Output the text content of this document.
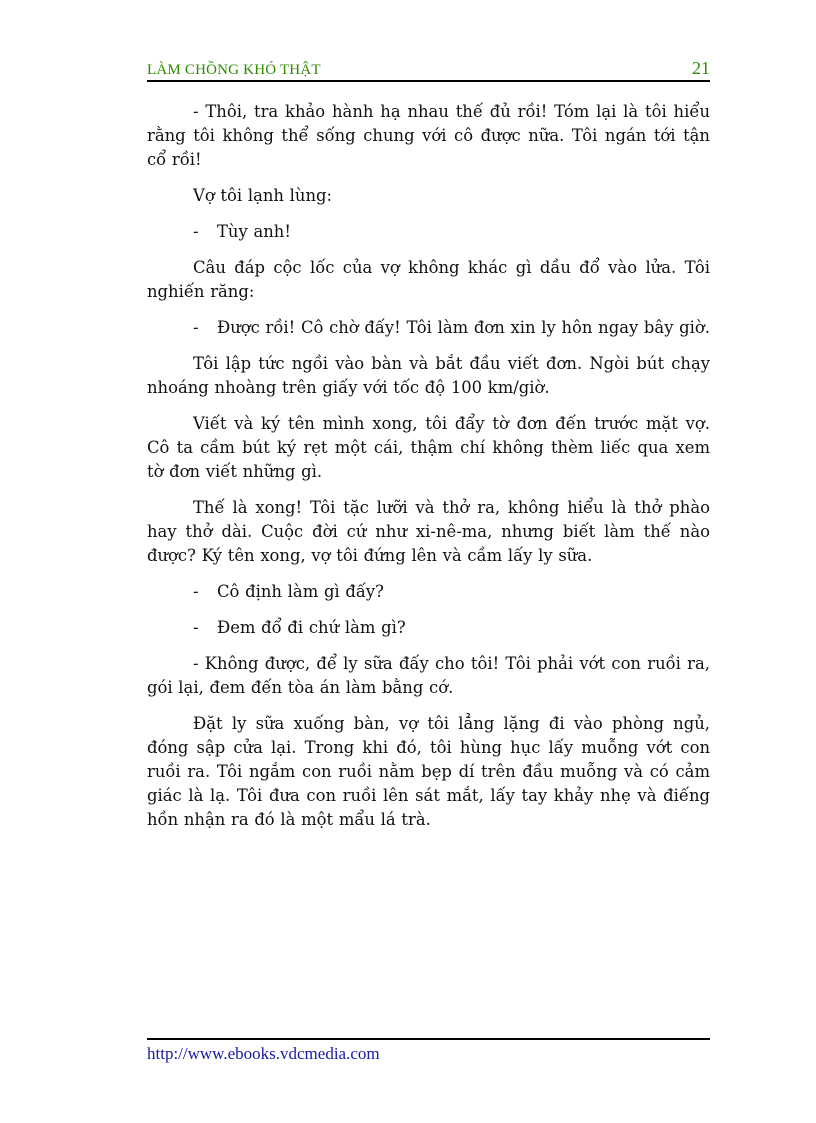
LÀM CHỒNG KHÓ THẬT	21

- Thôi, tra khảo hành hạ nhau thế đủ rồi! Tóm lại là tôi hiểu rằng tôi không thể sống chung với cô được nữa. Tôi ngán tới tận cổ rồi!

Vợ tôi lạnh lùng:

-	Tùy anh!

Câu đáp cộc lốc của vợ không khác gì dầu đổ vào lửa. Tôi nghiến răng:

-	Được rồi! Cô chờ đấy! Tôi làm đơn xin ly hôn ngay bây giờ.

Tôi lập tức ngồi vào bàn và bắt đầu viết đơn. Ngòi bút chạy nhoáng nhoàng trên giấy với tốc độ 100 km/giờ.

Viết và ký tên mình xong, tôi đẩy tờ đơn đến trước mặt vợ. Cô ta cầm bút ký rẹt một cái, thậm chí không thèm liếc qua xem tờ đơn viết những gì.

Thế là xong! Tôi tặc lưỡi và thở ra, không hiểu là thở phào hay thở dài. Cuộc đời cứ như xi-nê-ma, nhưng biết làm thế nào được? Ký tên xong, vợ tôi đứng lên và cầm lấy ly sữa.

-	Cô định làm gì đấy?
-	Đem đổ đi chứ làm gì?

- Không được, để ly sữa đấy cho tôi! Tôi phải vớt con ruồi ra, gói lại, đem đến tòa án làm bằng cớ.

Đặt ly sữa xuống bàn, vợ tôi lẳng lặng đi vào phòng ngủ, đóng sập cửa lại. Trong khi đó, tôi hùng hục lấy muỗng vớt con ruồi ra. Tôi ngắm con ruồi nằm bẹp dí trên đầu muỗng và có cảm giác là lạ. Tôi đưa con ruồi lên sát mắt, lấy tay khảy nhẹ và điếng hồn nhận ra đó là một mẩu lá trà.

http://www.ebooks.vdcmedia.com
